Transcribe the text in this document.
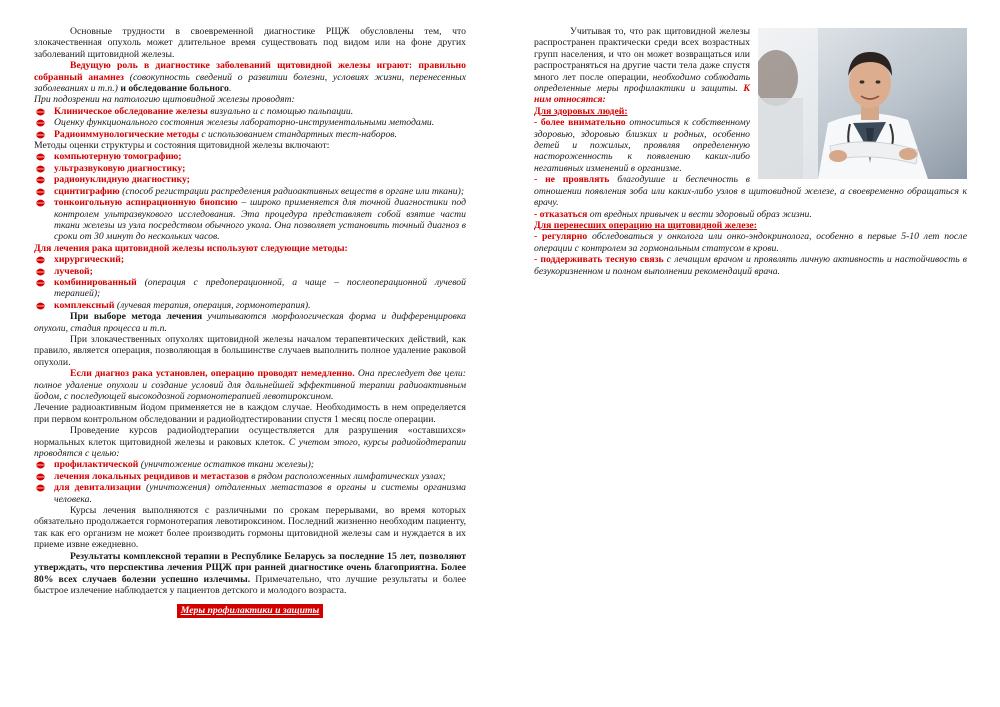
Основные трудности в своевременной диагностике РЩЖ обусловлены тем, что злокачественная опухоль может длительное время существовать под видом или на фоне других заболеваний щитовидной железы.

Ведущую роль в диагностике заболеваний щитовидной железы играют: правильно собранный анамнез (совокупность сведений о развитии болезни, условиях жизни, перенесенных заболеваниях и т.п.) и обследование больного.

При подозрении на патологию щитовидной железы проводят:

Клиническое обследование железы визуально и с помощью пальпации.
Оценку функционального состояния железы лабораторно-инструментальными методами.
Радиоиммунологические методы с использованием стандартных тест-наборов.

Методы оценки структуры и состояния щитовидной железы включают:

компьютерную томографию;
ультразвуковую диагностику;
радионуклидную диагностику;
сцинтиграфию (способ регистрации распределения радиоактивных веществ в органе или ткани);
тонкоигольную аспирационную биопсию – широко применяется для точной диагностики под контролем ультразвукового исследования. Эта процедура представляет собой взятие части ткани железы из узла посредством обычного укола. Она позволяет установить точный диагноз в сроки от 30 минут до нескольких часов.

Для лечения рака щитовидной железы используют следующие методы:

хирургический;
лучевой;
комбинированный (операция с предоперационной, а чаще – послеоперационной лучевой терапией);
комплексный (лучевая терапия, операция, гормонотерапия).

При выборе метода лечения учитываются морфологическая форма и дифференцировка опухоли, стадия процесса и т.п.

При злокачественных опухолях щитовидной железы началом терапевтических действий, как правило, является операция, позволяющая в большинстве случаев выполнить полное удаление раковой опухоли.

Если диагноз рака установлен, операцию проводят немедленно. Она преследует две цели: полное удаление опухоли и создание условий для дальнейшей эффективной терапии радиоактивным йодом, с последующей высокодозной гормонотерапией левотироксином.

Лечение радиоактивным йодом применяется не в каждом случае. Необходимость в нем определяется при первом контрольном обследовании и радиойодтестировании спустя 1 месяц после операции.

Проведение курсов радиойодтерапии осуществляется для разрушения «оставшихся» нормальных клеток щитовидной железы и раковых клеток. С учетом этого, курсы радиойодтерапии проводятся с целью:

профилактической (уничтожение остатков ткани железы);
лечения локальных рецидивов и метастазов в рядом расположенных лимфатических узлах;
для девитализации (уничтожения) отдаленных метастазов в органы и системы организма человека.

Курсы лечения выполняются с различными по срокам перерывами, во время которых обязательно продолжается гормонотерапия левотироксином. Последний жизненно необходим пациенту, так как его организм не может более производить гормоны щитовидной железы сам и нуждается в их приеме извне ежедневно.

Результаты комплексной терапии в Республике Беларусь за последние 15 лет, позволяют утверждать, что перспектива лечения РЩЖ при ранней диагностике очень благоприятна. Более 80% всех случаев болезни успешно излечимы. Примечательно, что лучшие результаты и более быстрое излечение наблюдается у пациентов детского и молодого возраста.

Меры профилактики и защиты

Учитывая то, что рак щитовидной железы распространен практически среди всех возрастных групп населения, и что он может возвращаться или распространяться на другие части тела даже спустя много лет после операции, необходимо соблюдать определенные меры профилактики и защиты. К ним относятся:

Для здоровых людей:

- более внимательно относиться к собственному здоровью, здоровью близких и родных, особенно детей и пожилых, проявляя определенную настороженность к появлению каких-либо негативных изменений в организме.

- не проявлять благодушие и беспечность в отношении появления зоба или каких-либо узлов в щитовидной железе, а своевременно обращаться к врачу.

- отказаться от вредных привычек и вести здоровый образ жизни.

Для перенесших операцию на щитовидной железе:

- регулярно обследоваться у онколога или онко-эндокринолога, особенно в первые 5-10 лет после операции с контролем за гормональным статусом в крови.

- поддерживать тесную связь с лечащим врачом и проявлять личную активность и настойчивость в безукоризненном и полном выполнении рекомендаций врача.
